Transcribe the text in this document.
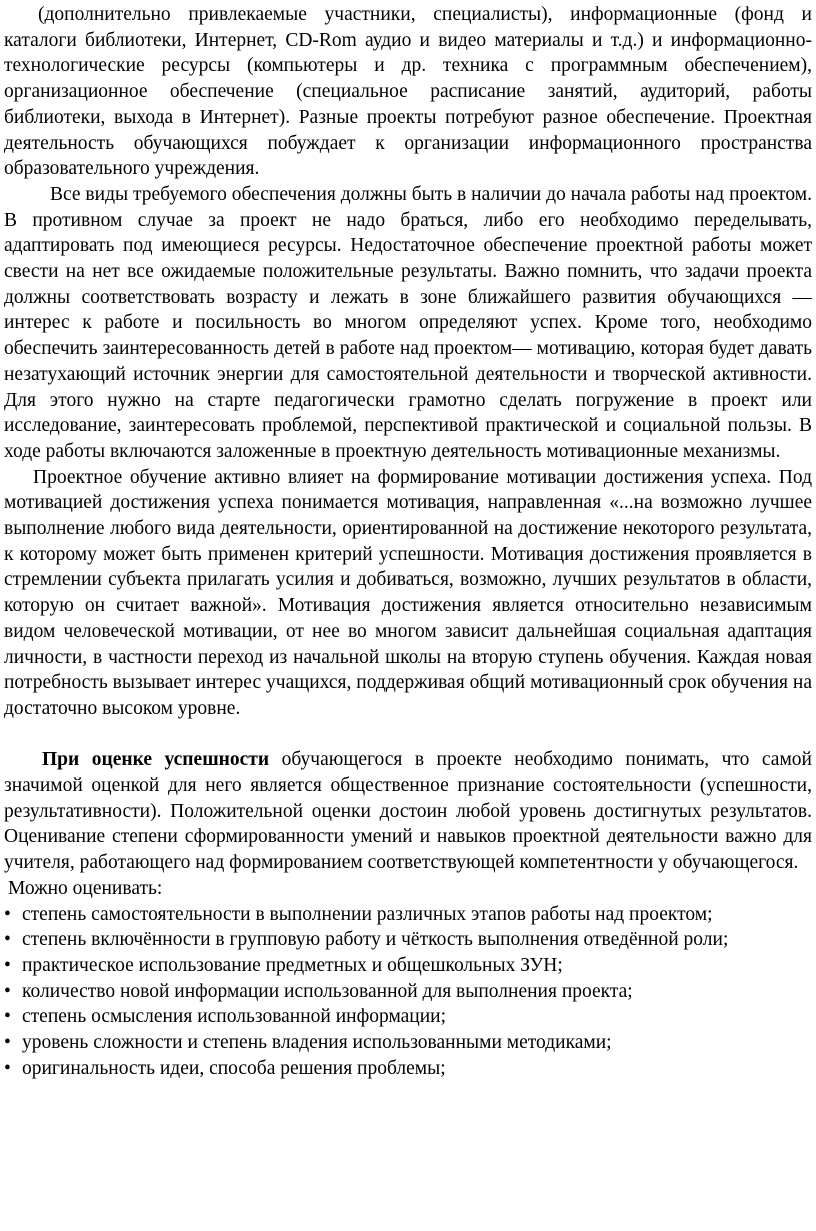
(дополнительно привлекаемые участники, специалисты), информационные (фонд и каталоги библиотеки, Интернет, CD-Rom аудио и видео материалы и т.д.) и информационно-технологические ресурсы (компьютеры и др. техника с программным обеспечением), организационное обеспечение (специальное расписание занятий, аудиторий, работы библиотеки, выхода в Интернет). Разные проекты потребуют разное обеспечение. Проектная деятельность обучающихся побуждает к организации информационного пространства образовательного учреждения.

Все виды требуемого обеспечения должны быть в наличии до начала работы над проектом. В противном случае за проект не надо браться, либо его необходимо переделывать, адаптировать под имеющиеся ресурсы. Недостаточное обеспечение проектной работы может свести на нет все ожидаемые положительные результаты. Важно помнить, что задачи проекта должны соответствовать возрасту и лежать в зоне ближайшего развития обучающихся — интерес к работе и посильность во многом определяют успех. Кроме того, необходимо обеспечить заинтересованность детей в работе над проектом— мотивацию, которая будет давать незатухающий источник энергии для самостоятельной деятельности и творческой активности. Для этого нужно на старте педагогически грамотно сделать погружение в проект или исследование, заинтересовать проблемой, перспективой практической и социальной пользы. В ходе работы включаются заложенные в проектную деятельность мотивационные механизмы.

Проектное обучение активно влияет на формирование мотивации достижения успеха. Под мотивацией достижения успеха понимается мотивация, направленная «...на возможно лучшее выполнение любого вида деятельности, ориентированной на достижение некоторого результата, к которому может быть применен критерий успешности. Мотивация достижения проявляется в стремлении субъекта прилагать усилия и добиваться, возможно, лучших результатов в области, которую он считает важной». Мотивация достижения является относительно независимым видом человеческой мотивации, от нее во многом зависит дальнейшая социальная адаптация личности, в частности переход из начальной школы на вторую ступень обучения. Каждая новая потребность вызывает интерес учащихся, поддерживая общий мотивационный срок обучения на достаточно высоком уровне.

При оценке успешности обучающегося в проекте необходимо понимать, что самой значимой оценкой для него является общественное признание состоятельности (успешности, результативности). Положительной оценки достоин любой уровень достигнутых результатов. Оценивание степени сформированности умений и навыков проектной деятельности важно для учителя, работающего над формированием соответствующей компетентности у обучающегося.

Можно оценивать:

• степень самостоятельности в выполнении различных этапов работы над проектом;
• степень включённости в групповую работу и чёткость выполнения отведённой роли;
• практическое использование предметных и общешкольных ЗУН;
• количество новой информации использованной для выполнения проекта;
• степень осмысления использованной информации;
• уровень сложности и степень владения использованными методиками;
• оригинальность идеи, способа решения проблемы;
